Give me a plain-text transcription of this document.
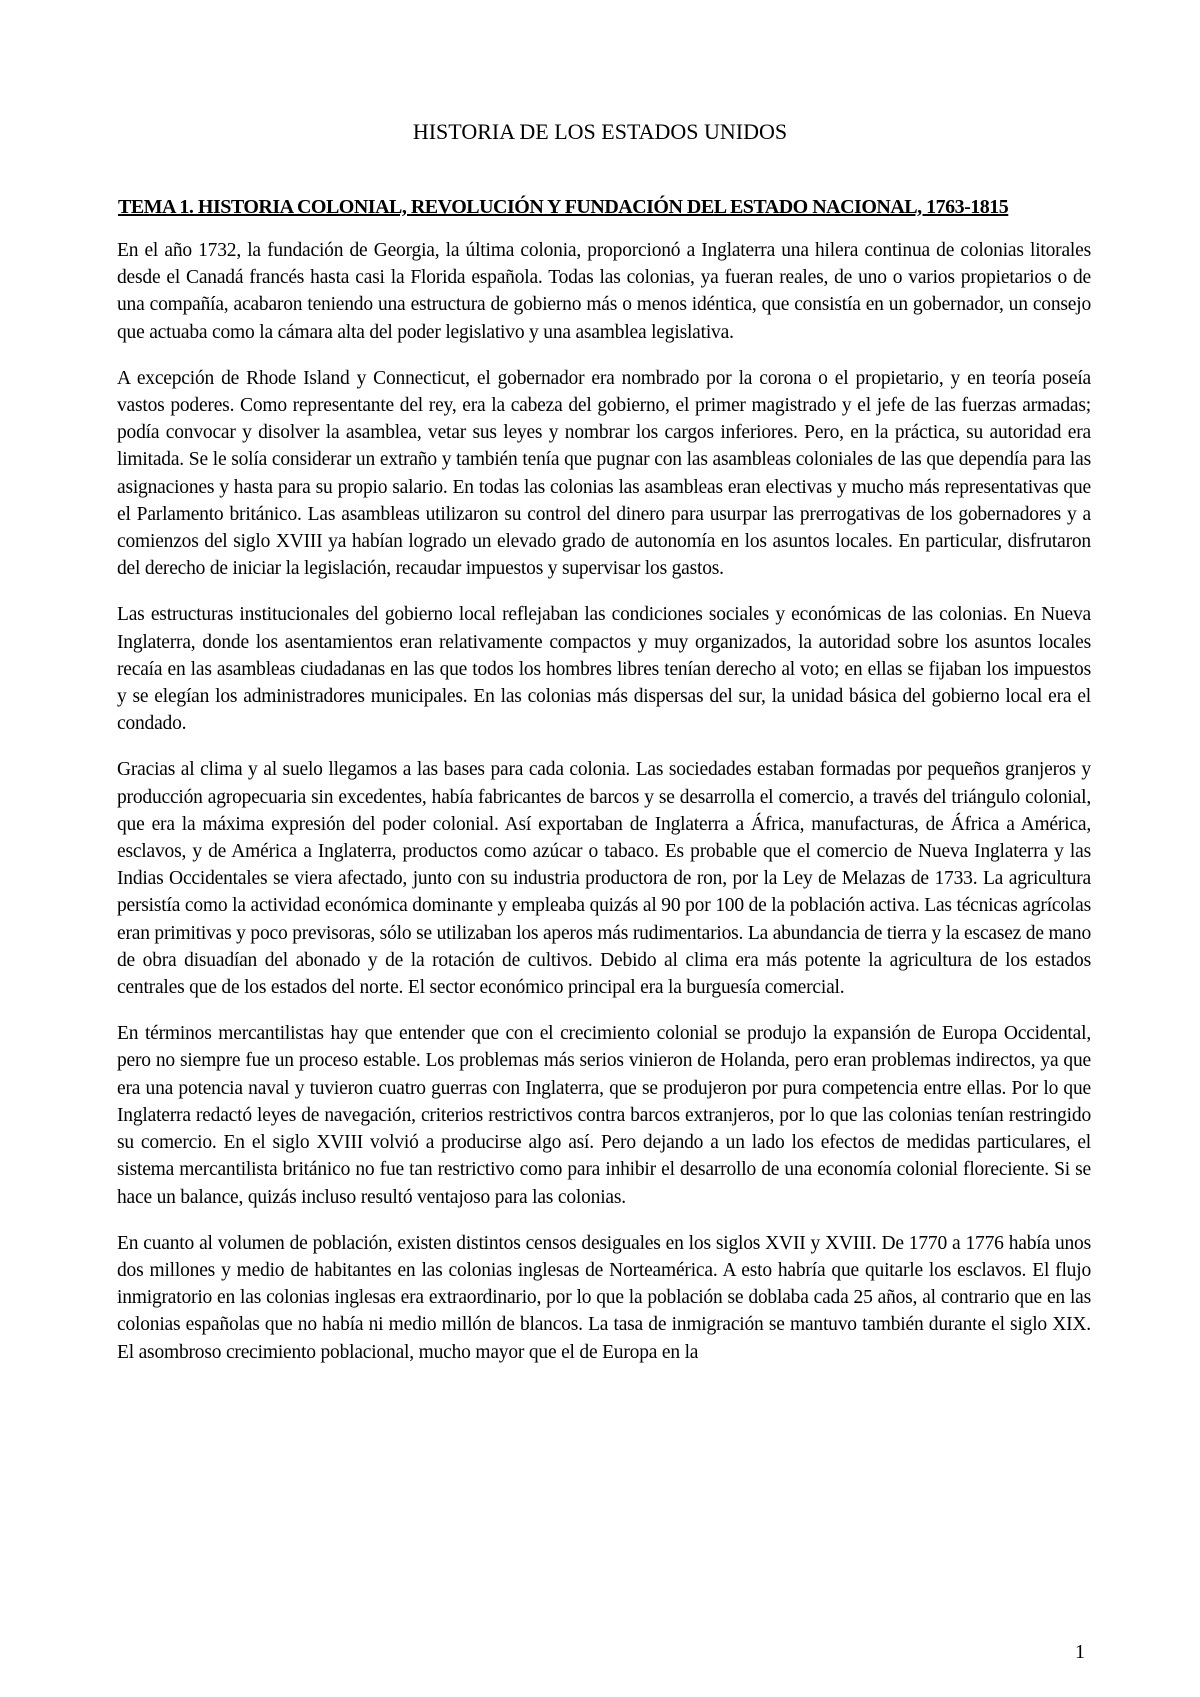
HISTORIA DE LOS ESTADOS UNIDOS
TEMA 1. HISTORIA COLONIAL, REVOLUCIÓN Y FUNDACIÓN DEL ESTADO NACIONAL, 1763-1815

En el año 1732, la fundación de Georgia, la última colonia, proporcionó a Inglaterra una hilera continua de colonias litorales desde el Canadá francés hasta casi la Florida española. Todas las colonias, ya fueran reales, de uno o varios propietarios o de una compañía, acabaron teniendo una estructura de gobierno más o menos idéntica, que consistía en un gobernador, un consejo que actuaba como la cámara alta del poder legislativo y una asamblea legislativa.

A excepción de Rhode Island y Connecticut, el gobernador era nombrado por la corona o el propietario, y en teoría poseía vastos poderes. Como representante del rey, era la cabeza del gobierno, el primer magistrado y el jefe de las fuerzas armadas; podía convocar y disolver la asamblea, vetar sus leyes y nombrar los cargos inferiores. Pero, en la práctica, su autoridad era limitada. Se le solía considerar un extraño y también tenía que pugnar con las asambleas coloniales de las que dependía para las asignaciones y hasta para su propio salario. En todas las colonias las asambleas eran electivas y mucho más representativas que el Parlamento británico. Las asambleas utilizaron su control del dinero para usurpar las prerrogativas de los gobernadores y a comienzos del siglo XVIII ya habían logrado un elevado grado de autonomía en los asuntos locales. En particular, disfrutaron del derecho de iniciar la legislación, recaudar impuestos y supervisar los gastos.

Las estructuras institucionales del gobierno local reflejaban las condiciones sociales y económicas de las colonias. En Nueva Inglaterra, donde los asentamientos eran relativamente compactos y muy organizados, la autoridad sobre los asuntos locales recaía en las asambleas ciudadanas en las que todos los hombres libres tenían derecho al voto; en ellas se fijaban los impuestos y se elegían los administradores municipales. En las colonias más dispersas del sur, la unidad básica del gobierno local era el condado.

Gracias al clima y al suelo llegamos a las bases para cada colonia. Las sociedades estaban formadas por pequeños granjeros y producción agropecuaria sin excedentes, había fabricantes de barcos y se desarrolla el comercio, a través del triángulo colonial, que era la máxima expresión del poder colonial. Así exportaban de Inglaterra a África, manufacturas, de África a América, esclavos, y de América a Inglaterra, productos como azúcar o tabaco. Es probable que el comercio de Nueva Inglaterra y las Indias Occidentales se viera afectado, junto con su industria productora de ron, por la Ley de Melazas de 1733. La agricultura persistía como la actividad económica dominante y empleaba quizás al 90 por 100 de la población activa. Las técnicas agrícolas eran primitivas y poco previsoras, sólo se utilizaban los aperos más rudimentarios. La abundancia de tierra y la escasez de mano de obra disuadían del abonado y de la rotación de cultivos. Debido al clima era más potente la agricultura de los estados centrales que de los estados del norte. El sector económico principal era la burguesía comercial.

En términos mercantilistas hay que entender que con el crecimiento colonial se produjo la expansión de Europa Occidental, pero no siempre fue un proceso estable. Los problemas más serios vinieron de Holanda, pero eran problemas indirectos, ya que era una potencia naval y tuvieron cuatro guerras con Inglaterra, que se produjeron por pura competencia entre ellas. Por lo que Inglaterra redactó leyes de navegación, criterios restrictivos contra barcos extranjeros, por lo que las colonias tenían restringido su comercio. En el siglo XVIII volvió a producirse algo así. Pero dejando a un lado los efectos de medidas particulares, el sistema mercantilista británico no fue tan restrictivo como para inhibir el desarrollo de una economía colonial floreciente. Si se hace un balance, quizás incluso resultó ventajoso para las colonias.

En cuanto al volumen de población, existen distintos censos desiguales en los siglos XVII y XVIII. De 1770 a 1776 había unos dos millones y medio de habitantes en las colonias inglesas de Norteamérica. A esto habría que quitarle los esclavos. El flujo inmigratorio en las colonias inglesas era extraordinario, por lo que la población se doblaba cada 25 años, al contrario que en las colonias españolas que no había ni medio millón de blancos. La tasa de inmigración se mantuvo también durante el siglo XIX. El asombroso crecimiento poblacional, mucho mayor que el de Europa en la

1
